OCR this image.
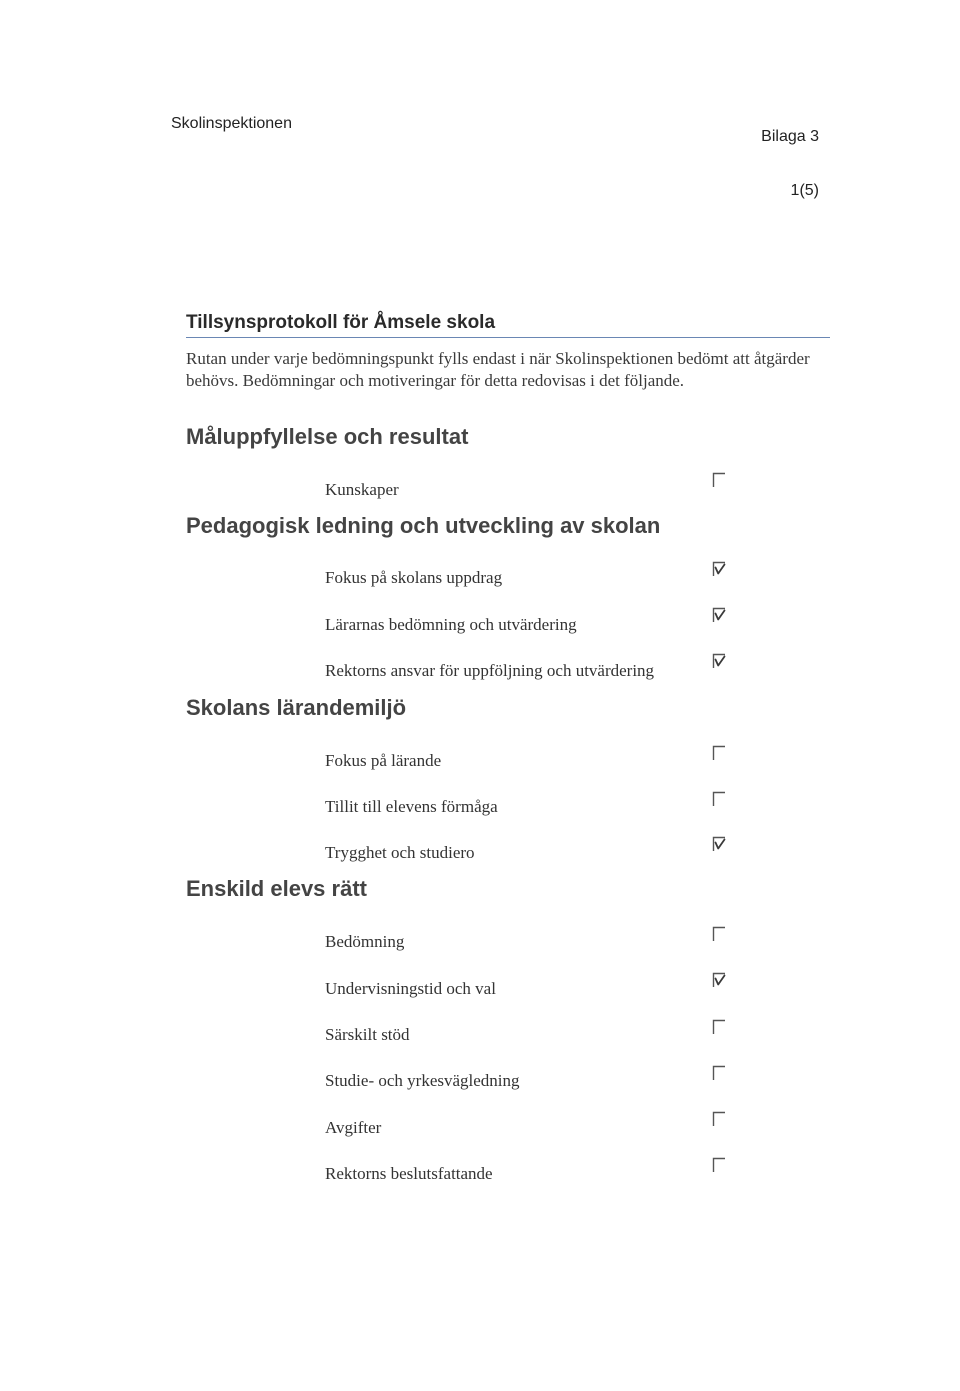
Skolinspektionen
Bilaga 3
1(5)
Tillsynsprotokoll för Åmsele skola
Rutan under varje bedömningspunkt fylls endast i när Skolinspektionen bedömt att åtgärder behövs. Bedömningar och motiveringar för detta redovisas i det följande.
Måluppfyllelse och resultat
Kunskaper
Pedagogisk ledning och utveckling av skolan
Fokus på skolans uppdrag
Lärarnas bedömning och utvärdering
Rektorns ansvar för uppföljning och utvärdering
Skolans lärandemiljö
Fokus på lärande
Tillit till elevens förmåga
Trygghet och studiero
Enskild elevs rätt
Bedömning
Undervisningstid och val
Särskilt stöd
Studie- och yrkesvägledning
Avgifter
Rektorns beslutsfattande
